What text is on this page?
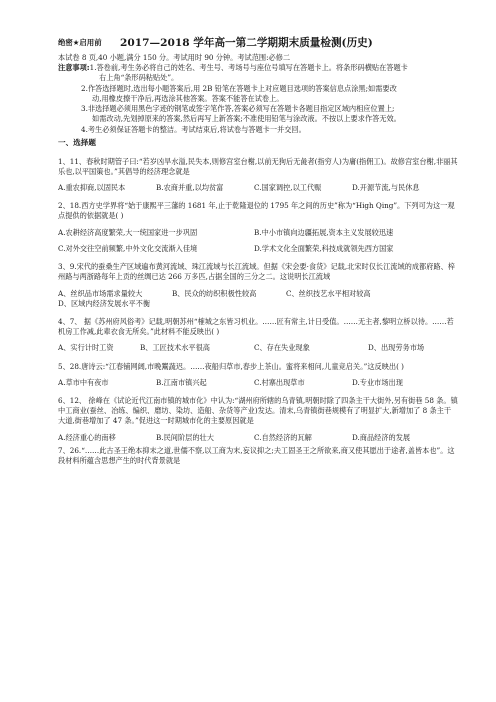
绝密★启用前 2017—2018 学年高一第二学期期末质量检测(历史)
本试卷 8 页,40 小题,满分 150 分。考试用时 90 分钟。考试范围:必修二
注意事项:1.答卷前,考生务必将自己的姓名、考生号、考场号与座位号填写在答题卡上。将条形码横贴在答题卡
右上角“条形码粘贴处”。
2.作答选择题时,选出每小题答案后,用 2B 铅笔在答题卡上对应题目选项的答案信息点涂黑;如需要改
动,用橡皮擦干净后,再选涂其他答案。答案不能答在试卷上。
3.非选择题必须用黑色字迹的钢笔或签字笔作答,答案必须写在答题卡各题目指定区域内相应位置上;
如需改动,先划掉原来的答案,然后再写上新答案;不准使用铅笔与涂改液。不按以上要求作答无效。
4.考生必须保证答题卡的整洁。考试结束后,将试卷与答题卡一并交回。
一、选择题
1、11、春秋时期管子曰:“若岁凶旱水溢,民失本,则修宫室台榭,以前无狗后无彘者(指穷人)为庸(指佣工)。故修宫室台榭,非丽其乐也,以平国策也。”其倡导的经济理念就是
A.重农抑商,以固民本	B.农商并重,以均贫富	C.国家调控,以工代赈	D.开源节流,与民休息
2、18.西方史学界将“始于康熙平三藩的 1681 年,止于乾隆退位的 1795 年之间的历史”称为“High Qing”。下列可为这一观点提供的依据就是( )
A.农耕经济高度繁荣,大一统国家进一步巩固	B.中小市镇向边疆拓展,资本主义发展较迅速
C.对外交往空前频繁,中外文化交流渐入佳境	D.学术文化全面繁荣,科技成就领先西方国家
3、9.宋代的蚕桑生产区域遍布黄河流域、珠江流域与长江流域。但据《宋会要·食货》记载,北宋时仅长江流域的成都府路、梓州路与两浙路每年上贡的丝绸已达 266 万多匹,占据全国的三分之二。这说明长江流域
A、丝织品市场需求量较大	B、民众的纺织积极性较高	C、丝织技艺水平相对较高
D、区域内经济发展水平不衡
4、7、 据《苏州府风俗考》记载,明朝苏州“榷城之东皆习机业。……匠有常主,计日受值。……无主者,黎明立桥以待。……若机房工作减,此辈衣食无所矣。”此材料不能反映出( )
A、实行计时工资	B、工匠技术水平很高	C、存在失业现象	D、出现劳务市场
5、28.唐诗云:“江春铺网阔,市晚鬻蔬迟。……夜船归草市,春步上茶山。蜜将来相问,儿童竞启关。”这反映出( )
A.草市中有夜市	B.江南市镇兴起	C.村寨出现草市	D.专业市场出现
6、12、 徐峰在《试论近代江南市镇的城市化》中认为:“湖州府所辖的乌青镇,明朝时除了四条主干大街外,另有街巷 58 条。镇中工商业(蚕丝、冶练、编织、磨坊、染坊、造船、杂货等产业)发达。清末,乌青镇街巷规模有了明显扩大,新增加了 8 条主干大道,街巷增加了 47 条。”促进这一时期城市化的主要原因就是
A.经济重心的南移	B.民间阶层的壮大	C.自然经济的瓦解	D.商品经济的发展
7、26.“……此古圣王绝本抑末之道,世儒不察,以工商为末,妄议抑之;夫工固圣王之所欲来,商又使其愿出于途者,盖皆本也”。这段材料所蕴含思想产生的时代背景就是
